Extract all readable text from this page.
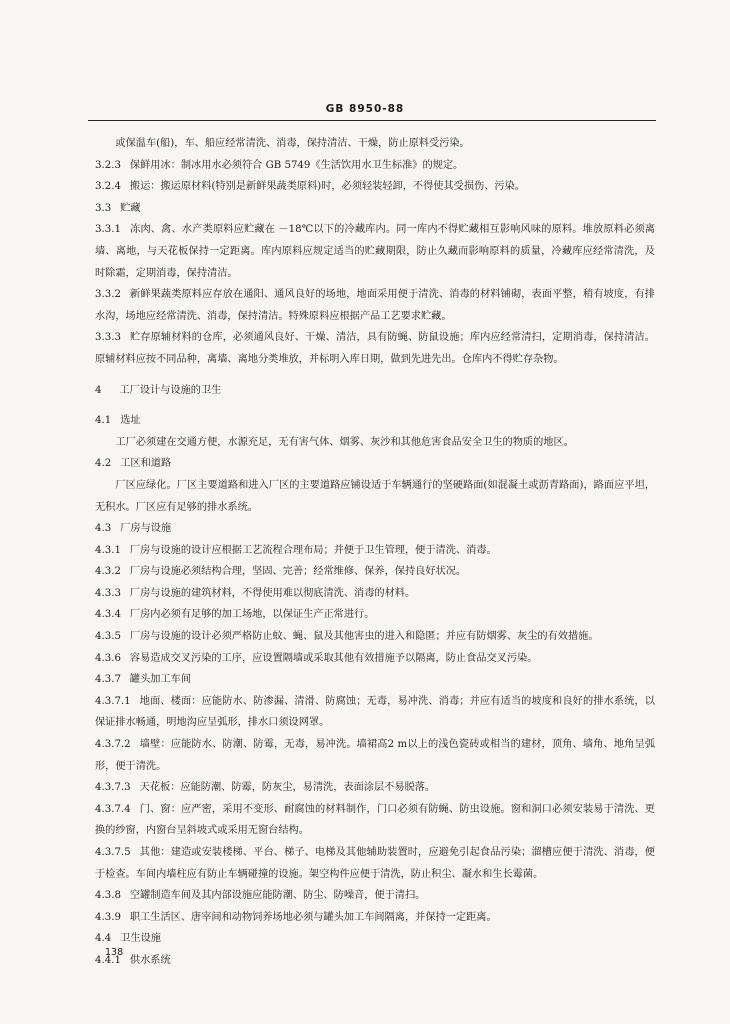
GB 8950-88

或保温车(船)，车、船应经常清洗、消毒，保持清洁、干燥，防止原料受污染。

3.2.3 保鲜用冰：制冰用水必须符合 GB 5749《生活饮用水卫生标准》的规定。

3.2.4 搬运：搬运原材料(特别是新鲜果蔬类原料)时，必须轻装轻卸，不得使其受损伤、污染。

3.3 贮藏

3.3.1 冻肉、禽、水产类原料应贮藏在 －18℃以下的冷藏库内。同一库内不得贮藏相互影响风味的原料。堆放原料必须离墙、离地，与天花板保持一定距离。库内原料应规定适当的贮藏期限，防止久藏而影响原料的质量，冷藏库应经常清洗，及时除霜，定期消毒，保持清洁。

3.3.2 新鲜果蔬类原料应存放在通阳、通风良好的场地，地面采用便于清洗、消毒的材料铺砌，表面平整，稍有坡度，有排水沟，场地应经常清洗、消毒，保持清洁。特殊原料应根据产品工艺要求贮藏。

3.3.3 贮存原辅材料的仓库，必须通风良好、干燥、清洁，具有防蝇、防鼠设施；库内应经常清扫，定期消毒，保持清洁。原辅材料应按不同品种，离墙、离地分类堆放，并标明入库日期，做到先进先出。仓库内不得贮存杂物。

4 工厂设计与设施的卫生

4.1 选址

工厂必须建在交通方便，水源充足，无有害气体、烟雾、灰沙和其他危害食品安全卫生的物质的地区。

4.2 工区和道路

厂区应绿化。厂区主要道路和进入厂区的主要道路应铺设适于车辆通行的坚硬路面(如混凝土或沥青路面)，路面应平坦，无积水。厂区应有足够的排水系统。

4.3 厂房与设施

4.3.1 厂房与设施的设计应根据工艺流程合理布局；并便于卫生管理，便于清洗、消毒。

4.3.2 厂房与设施必须结构合理，坚固、完善；经常维修、保养，保持良好状况。

4.3.3 厂房与设施的建筑材料，不得使用难以彻底清洗、消毒的材料。

4.3.4 厂房内必须有足够的加工场地，以保证生产正常进行。

4.3.5 厂房与设施的设计必须严格防止蚊、蝇、鼠及其他害虫的进入和隐匿；并应有防烟雾、灰尘的有效措施。

4.3.6 容易造成交叉污染的工序，应设置隔墙或采取其他有效措施予以隔离，防止食品交叉污染。

4.3.7 罐头加工车间

4.3.7.1 地面、楼面：应能防水、防渗漏、清滑、防腐蚀；无毒，易冲洗、消毒；并应有适当的坡度和良好的排水系统，以保证排水畅通，明地沟应呈弧形，排水口须设网罩。

4.3.7.2 墙壁：应能防水、防潮、防霉，无毒，易冲洗。墙裙高2 m以上的浅色瓷砖或相当的建材，顶角、墙角、地角呈弧形，便于清洗。

4.3.7.3 天花板：应能防潮、防霉，防灰尘，易清洗，表面涂层不易脱落。

4.3.7.4 门、窗：应严密，采用不变形、耐腐蚀的材料制作，门口必须有防蝇、防虫设施。窗和洞口必须安装易于清洗、更换的纱窗，内窗台呈斜坡式或采用无窗台结构。

4.3.7.5 其他：建造或安装楼梯、平台、梯子、电梯及其他辅助装置时，应避免引起食品污染；溜槽应便于清洗、消毒，便于检查。车间内墙柱应有防止车辆碰撞的设施。架空构件应便于清洗，防止积尘、凝水和生长霉菌。

4.3.8 空罐制造车间及其内部设施应能防潮、防尘、防噪音，便于清扫。

4.3.9 职工生活区、唐宰间和动物饲养场地必须与罐头加工车间隔离，并保持一定距离。

4.4 卫生设施

4.4.1 供水系统

138
